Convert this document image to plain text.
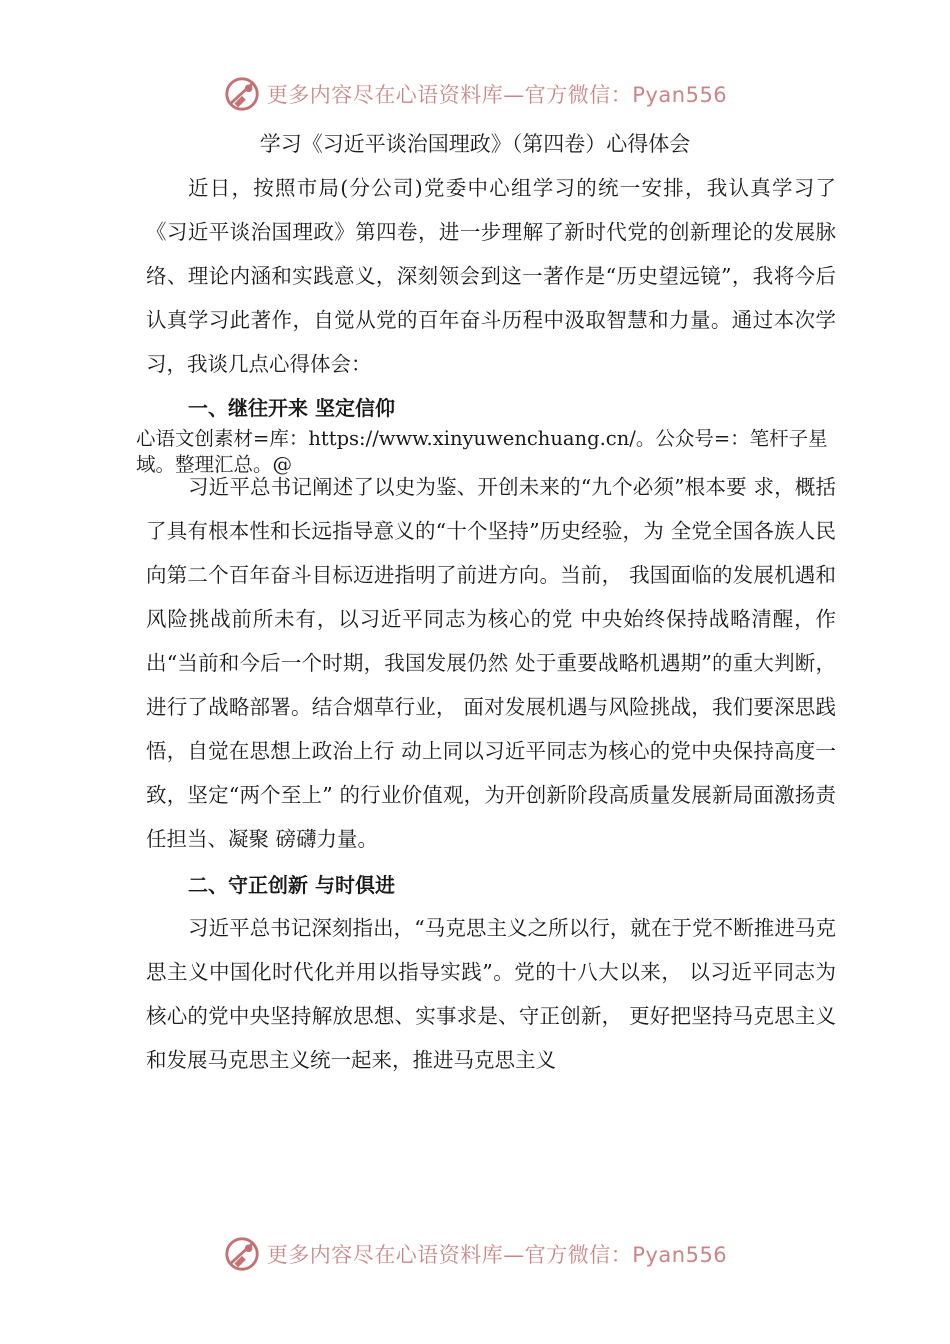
更多内容尽在心语资料库—官方微信：Pyan556
学习《习近平谈治国理政》（第四卷）心得体会

近日，按照市局(分公司)党委中心组学习的统一安排，我认真学习了《习近平谈治国理政》第四卷，进一步理解了新时代党的创新理论的发展脉络、理论内涵和实践意义，深刻领会到这一著作是“历史望远镜”，我将今后认真学习此著作，自觉从党的百年奋斗历程中汲取智慧和力量。通过本次学习，我谈几点心得体会：

一、继往开来 坚定信仰

心语文创素材=库：https://www.xinyuwenchuang.cn/。公众号=：笔杆子星域。整理汇总。@

习近平总书记阐述了以史为鉴、开创未来的“九个必须”根本要 求，概括了具有根本性和长远指导意义的“十个坚持”历史经验，为 全党全国各族人民向第二个百年奋斗目标迈进指明了前进方向。当前， 我国面临的发展机遇和风险挑战前所未有，以习近平同志为核心的党 中央始终保持战略清醒，作出“当前和今后一个时期，我国发展仍然 处于重要战略机遇期”的重大判断，进行了战略部署。结合烟草行业， 面对发展机遇与风险挑战，我们要深思践悟，自觉在思想上政治上行 动上同以习近平同志为核心的党中央保持高度一致，坚定“两个至上” 的行业价值观，为开创新阶段高质量发展新局面激扬责任担当、凝聚 磅礴力量。

二、守正创新 与时俱进

习近平总书记深刻指出，“马克思主义之所以行，就在于党不断推进马克思主义中国化时代化并用以指导实践”。党的十八大以来， 以习近平同志为核心的党中央坚持解放思想、实事求是、守正创新， 更好把坚持马克思主义和发展马克思主义统一起来，推进马克思主义

更多内容尽在心语资料库—官方微信：Pyan556
